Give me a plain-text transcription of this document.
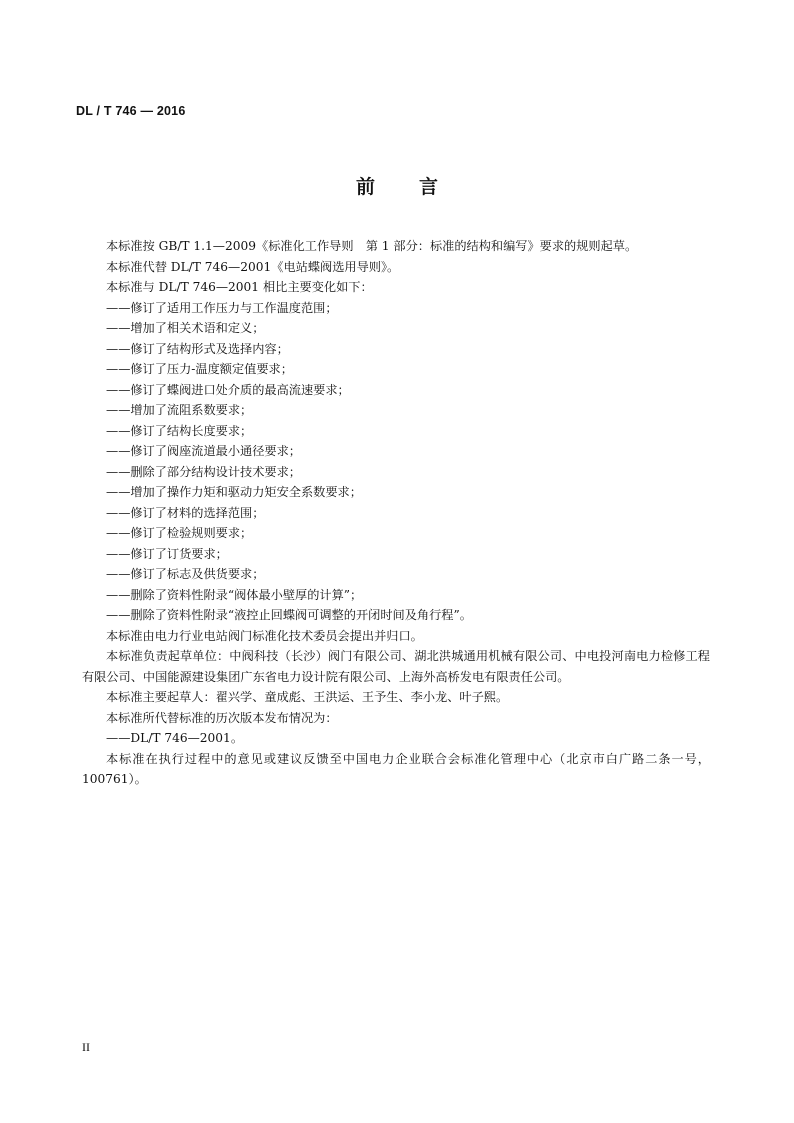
DL / T 746 — 2016
前言

本标准按 GB/T 1.1—2009《标准化工作导则　第 1 部分：标准的结构和编写》要求的规则起草。

本标准代替 DL/T 746—2001《电站蝶阀选用导则》。

本标准与 DL/T 746—2001 相比主要变化如下：

——修订了适用工作压力与工作温度范围；

——增加了相关术语和定义；

——修订了结构形式及选择内容；

——修订了压力-温度额定值要求；

——修订了蝶阀进口处介质的最高流速要求；

——增加了流阻系数要求；

——修订了结构长度要求；

——修订了阀座流道最小通径要求；

——删除了部分结构设计技术要求；

——增加了操作力矩和驱动力矩安全系数要求；

——修订了材料的选择范围；

——修订了检验规则要求；

——修订了订货要求；

——修订了标志及供货要求；

——删除了资料性附录“阀体最小壁厚的计算”；

——删除了资料性附录“液控止回蝶阀可调整的开闭时间及角行程”。

本标准由电力行业电站阀门标准化技术委员会提出并归口。

本标准负责起草单位：中阀科技（长沙）阀门有限公司、湖北洪城通用机械有限公司、中电投河南电力检修工程有限公司、中国能源建设集团广东省电力设计院有限公司、上海外高桥发电有限责任公司。

本标准主要起草人：翟兴学、童成彪、王洪运、王予生、李小龙、叶子熙。

本标准所代替标准的历次版本发布情况为：

——DL/T 746—2001。

本标准在执行过程中的意见或建议反馈至中国电力企业联合会标准化管理中心（北京市白广路二条一号，100761）。

II
